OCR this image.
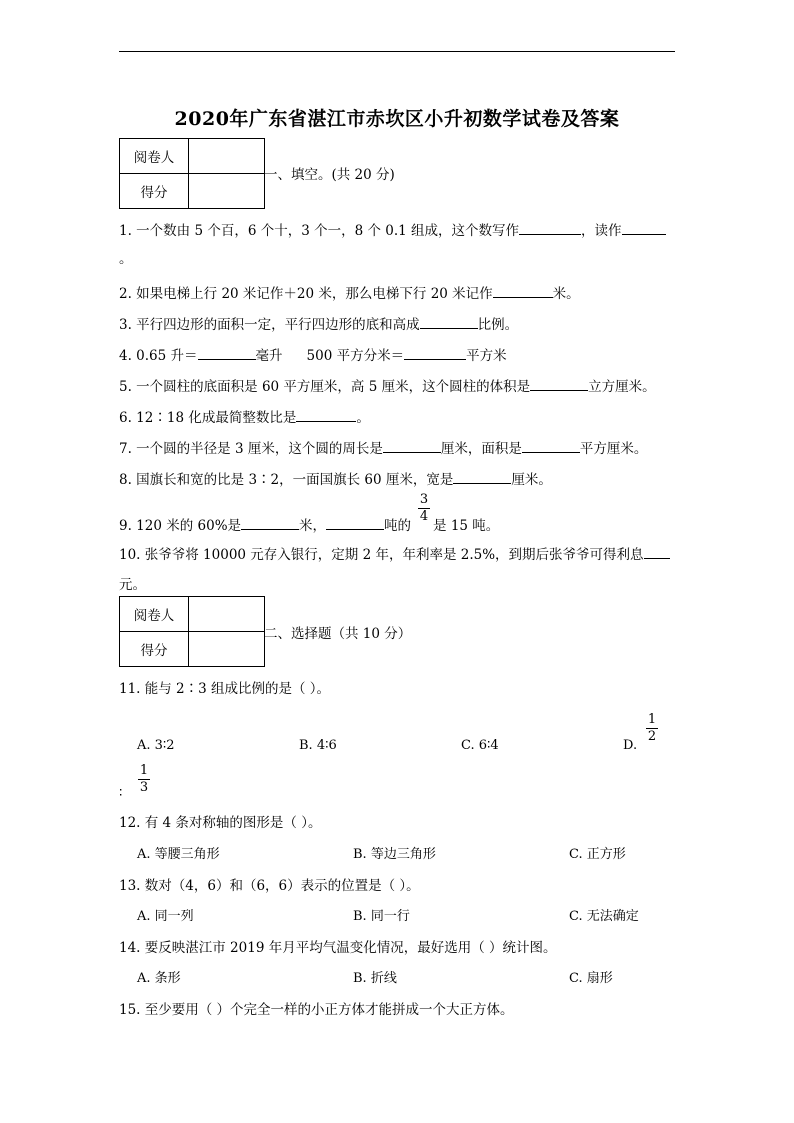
2020年广东省湛江市赤坎区小升初数学试卷及答案
阅卷人	
得分	
一、填空。(共 20 分)
1. 一个数由 5 个百，6 个十，3 个一，8 个 0.1 组成，这个数写作	，读作
。
2. 如果电梯上行 20 米记作＋20 米，那么电梯下行 20 米记作	米。
3. 平行四边形的面积一定，平行四边形的底和高成	比例。
4. 0.65 升＝	毫升 500 平方分米＝	平方米
5. 一个圆柱的底面积是 60 平方厘米，高 5 厘米，这个圆柱的体积是	立方厘米。
6. 12∶18 化成最简整数比是	。
7. 一个圆的半径是 3 厘米，这个圆的周长是	厘米，面积是	平方厘米。
8. 国旗长和宽的比是 3∶2，一面国旗长 60 厘米，宽是	厘米。
9. 120 米的 60%是	米，	吨的 是 15 吨。
3
4
10. 张爷爷将 10000 元存入银行，定期 2 年，年利率是 2.5%，到期后张爷爷可得利息
元。
阅卷人	
得分	
二、选择题（共 10 分）
11. 能与 2∶3 组成比例的是（ ）。
A. 3∶2	B. 4∶6	C. 6∶4	D.
1
2
∶
1
3
12. 有 4 条对称轴的图形是（ ）。
A. 等腰三角形	B. 等边三角形	C. 正方形
13. 数对（4，6）和（6，6）表示的位置是（ ）。
A. 同一列	B. 同一行	C. 无法确定
14. 要反映湛江市 2019 年月平均气温变化情况，最好选用（ ）统计图。
A. 条形	B. 折线	C. 扇形
15. 至少要用（ ）个完全一样的小正方体才能拼成一个大正方体。
